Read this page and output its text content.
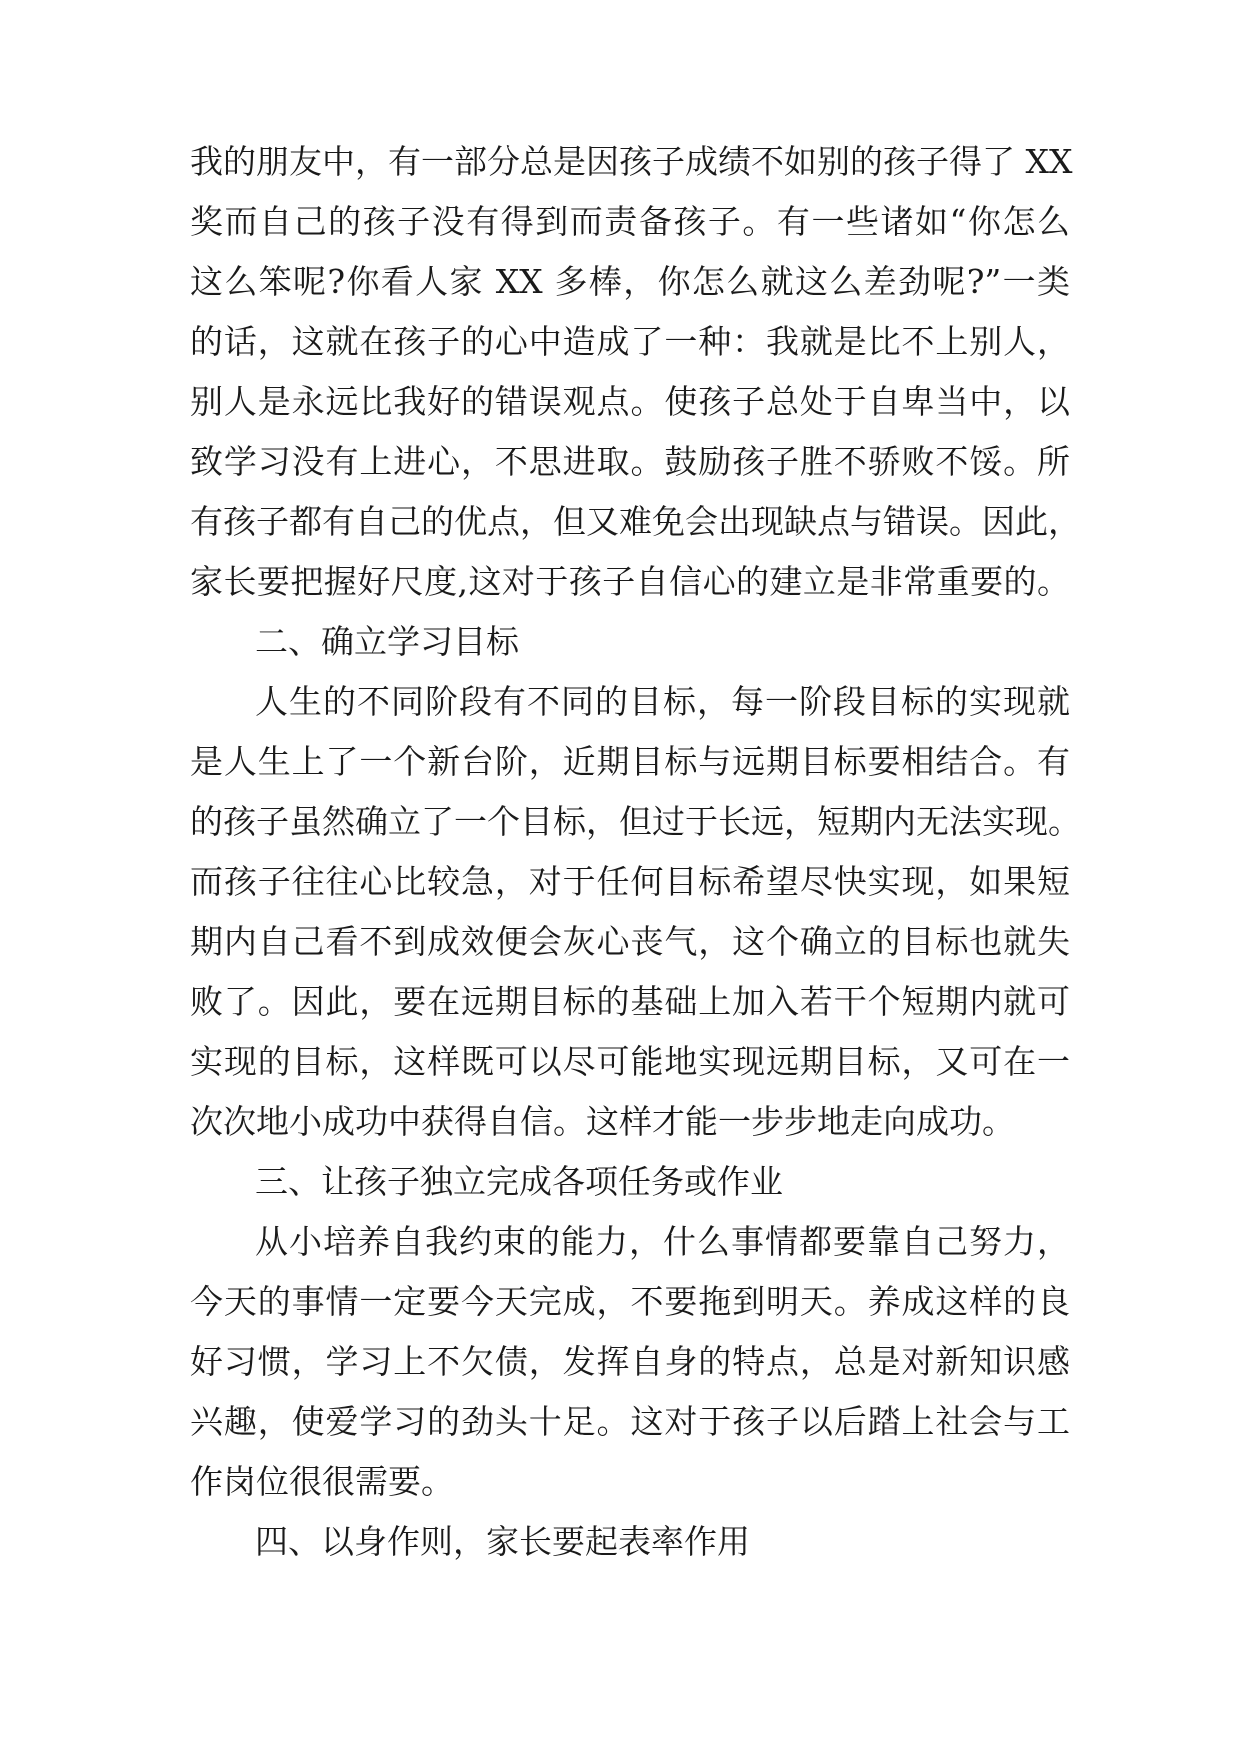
我的朋友中，有一部分总是因孩子成绩不如别的孩子得了 XX
奖而自己的孩子没有得到而责备孩子。有一些诸如“你怎么
这么笨呢?你看人家 XX 多棒，你怎么就这么差劲呢?”一类
的话，这就在孩子的心中造成了一种：我就是比不上别人，
别人是永远比我好的错误观点。使孩子总处于自卑当中，以
致学习没有上进心，不思进取。鼓励孩子胜不骄败不馁。所
有孩子都有自己的优点，但又难免会出现缺点与错误。因此，
家长要把握好尺度,这对于孩子自信心的建立是非常重要的。
二、确立学习目标
人生的不同阶段有不同的目标，每一阶段目标的实现就
是人生上了一个新台阶，近期目标与远期目标要相结合。有
的孩子虽然确立了一个目标，但过于长远，短期内无法实现。
而孩子往往心比较急，对于任何目标希望尽快实现，如果短
期内自己看不到成效便会灰心丧气，这个确立的目标也就失
败了。因此，要在远期目标的基础上加入若干个短期内就可
实现的目标，这样既可以尽可能地实现远期目标，又可在一
次次地小成功中获得自信。这样才能一步步地走向成功。
三、让孩子独立完成各项任务或作业
从小培养自我约束的能力，什么事情都要靠自己努力，
今天的事情一定要今天完成，不要拖到明天。养成这样的良
好习惯，学习上不欠债，发挥自身的特点，总是对新知识感
兴趣，使爱学习的劲头十足。这对于孩子以后踏上社会与工
作岗位很很需要。
四、以身作则，家长要起表率作用
